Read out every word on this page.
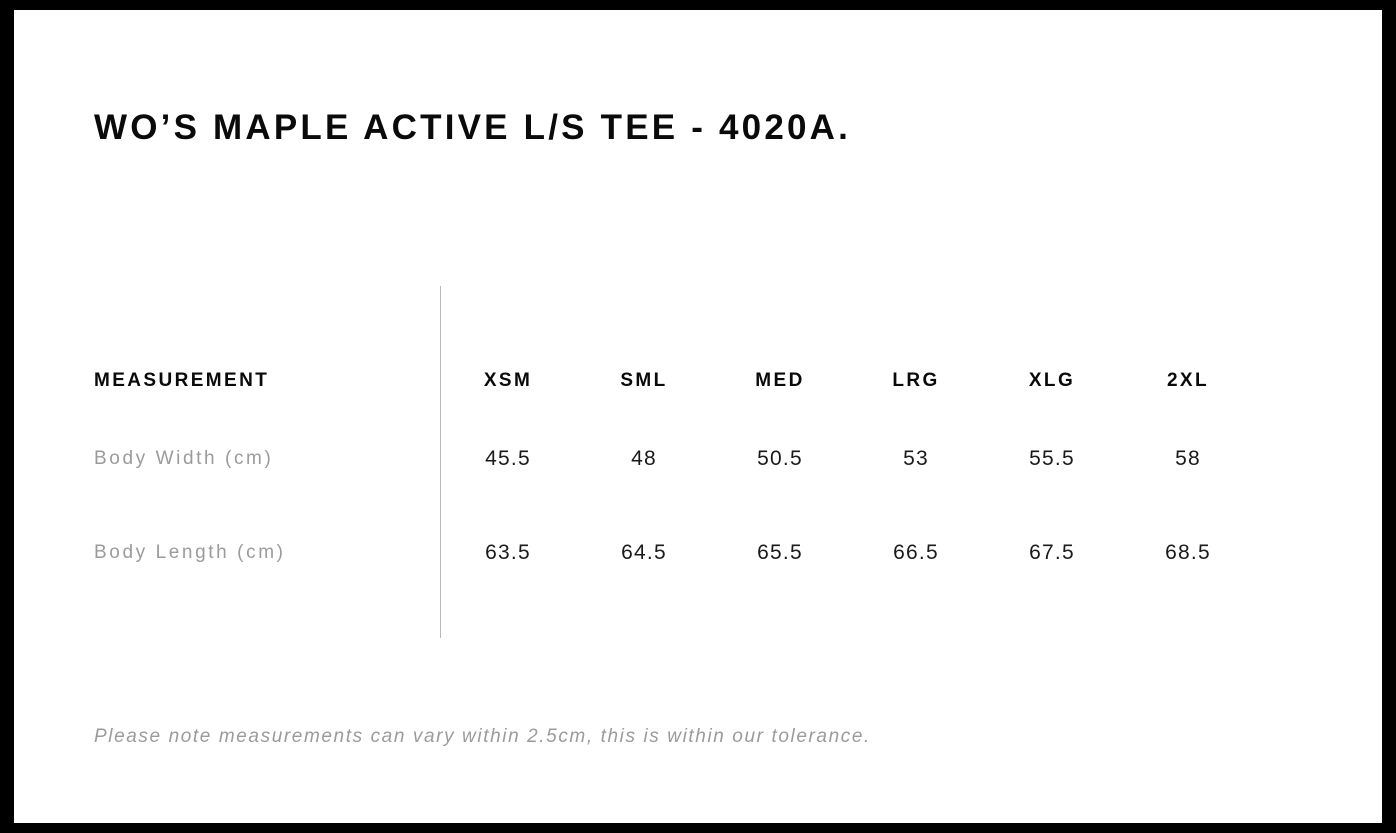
WO’S MAPLE ACTIVE L/S TEE - 4020A.
MEASUREMENT	XSM	SML	MED	LRG	XLG	2XL
Body Width (cm)	45.5	48	50.5	53	55.5	58
Body Length (cm)	63.5	64.5	65.5	66.5	67.5	68.5
Please note measurements can vary within 2.5cm, this is within our tolerance.
